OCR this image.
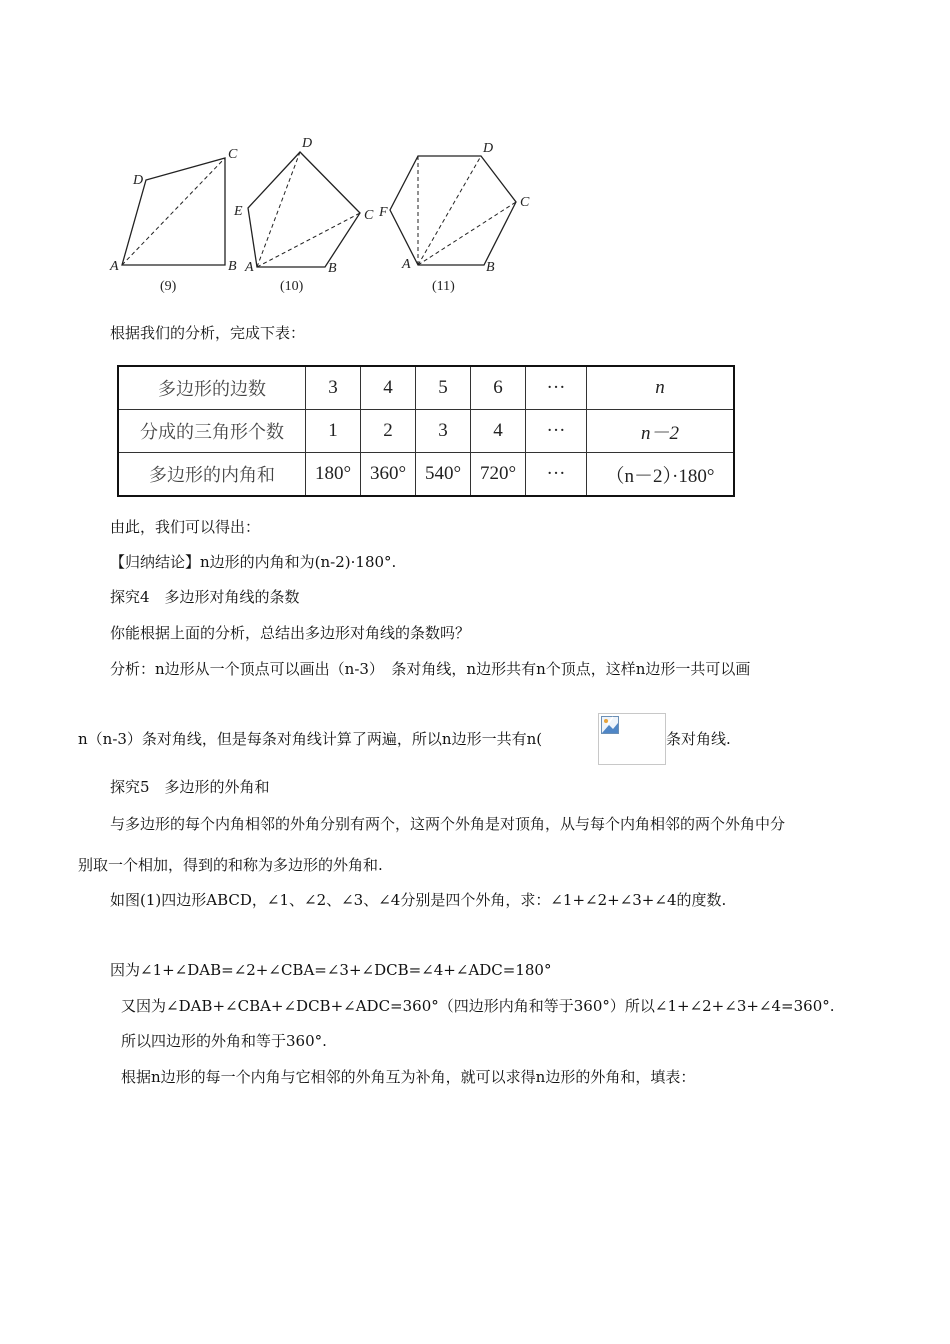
A	B
C
D
(9)
A	B
C
D
E
(10)
A	B
C
D
F
(11)
根据我们的分析，完成下表：
多边形的边数	3	4	5	6	···	n
分成的三角形个数	1	2	3	4	···	n－2
多边形的内角和	180°	360°	540°	720°	···	（n－2）·180°
由此，我们可以得出：
【归纳结论】n边形的内角和为(n-2)·180°.
探究4　多边形对角线的条数
你能根据上面的分析，总结出多边形对角线的条数吗？
分析：n边形从一个顶点可以画出（n-3）　条对角线，n边形共有n个顶点，这样n边形一共可以画
n（n-3）条对角线，但是每条对角线计算了两遍，所以n边形一共有n(	条对角线.
探究5　多边形的外角和
与多边形的每个内角相邻的外角分别有两个，这两个外角是对顶角，从与每个内角相邻的两个外角中分
别取一个相加，得到的和称为多边形的外角和.
如图(1)四边形ABCD，∠1、∠2、∠3、∠4分别是四个外角，求：∠1+∠2+∠3+∠4的度数.
因为∠1+∠DAB=∠2+∠CBA=∠3+∠DCB=∠4+∠ADC=180°
又因为∠DAB+∠CBA+∠DCB+∠ADC=360°（四边形内角和等于360°）所以∠1+∠2+∠3+∠4=360°.
所以四边形的外角和等于360°.
根据n边形的每一个内角与它相邻的外角互为补角，就可以求得n边形的外角和，填表：
